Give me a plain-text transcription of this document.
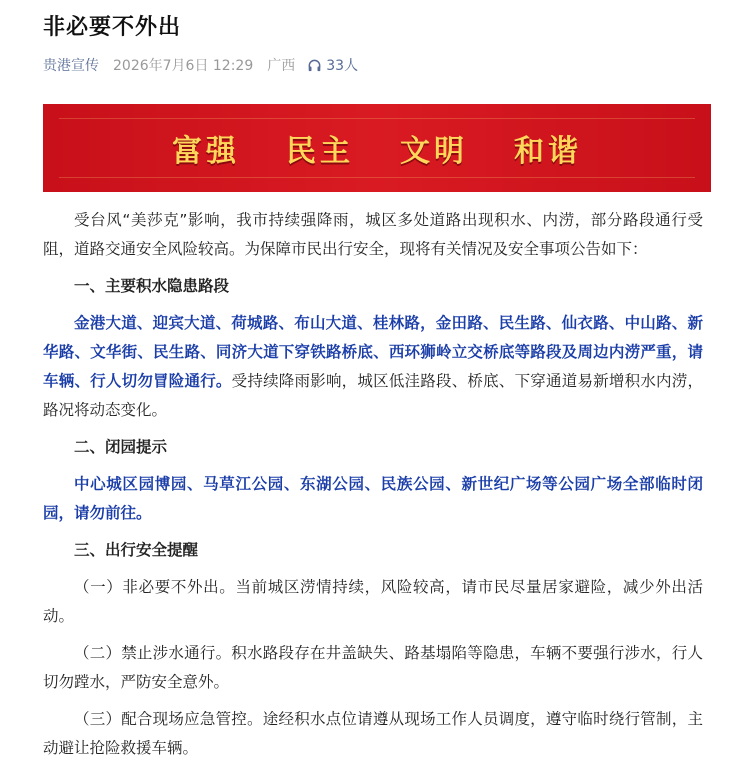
非必要不外出
贵港宣传 2026年7月6日 12:29 广西 33人
富强 民主 文明 和谐

受台风“美莎克”影响，我市持续强降雨，城区多处道路出现积水、内涝，部分路段通行受阻，道路交通安全风险较高。为保障市民出行安全，现将有关情况及安全事项公告如下：

一、主要积水隐患路段

金港大道、迎宾大道、荷城路、布山大道、桂林路，金田路、民生路、仙衣路、中山路、新华路、文华街、民生路、同济大道下穿铁路桥底、西环狮岭立交桥底等路段及周边内涝严重，请车辆、行人切勿冒险通行。受持续降雨影响，城区低洼路段、桥底、下穿通道易新增积水内涝，路况将动态变化。

二、闭园提示

中心城区园博园、马草江公园、东湖公园、民族公园、新世纪广场等公园广场全部临时闭园，请勿前往。

三、出行安全提醒

（一）非必要不外出。当前城区涝情持续，风险较高，请市民尽量居家避险，减少外出活动。

（二）禁止涉水通行。积水路段存在井盖缺失、路基塌陷等隐患，车辆不要强行涉水，行人切勿蹚水，严防安全意外。

（三）配合现场应急管控。途经积水点位请遵从现场工作人员调度，遵守临时绕行管制，主动避让抢险救援车辆。
